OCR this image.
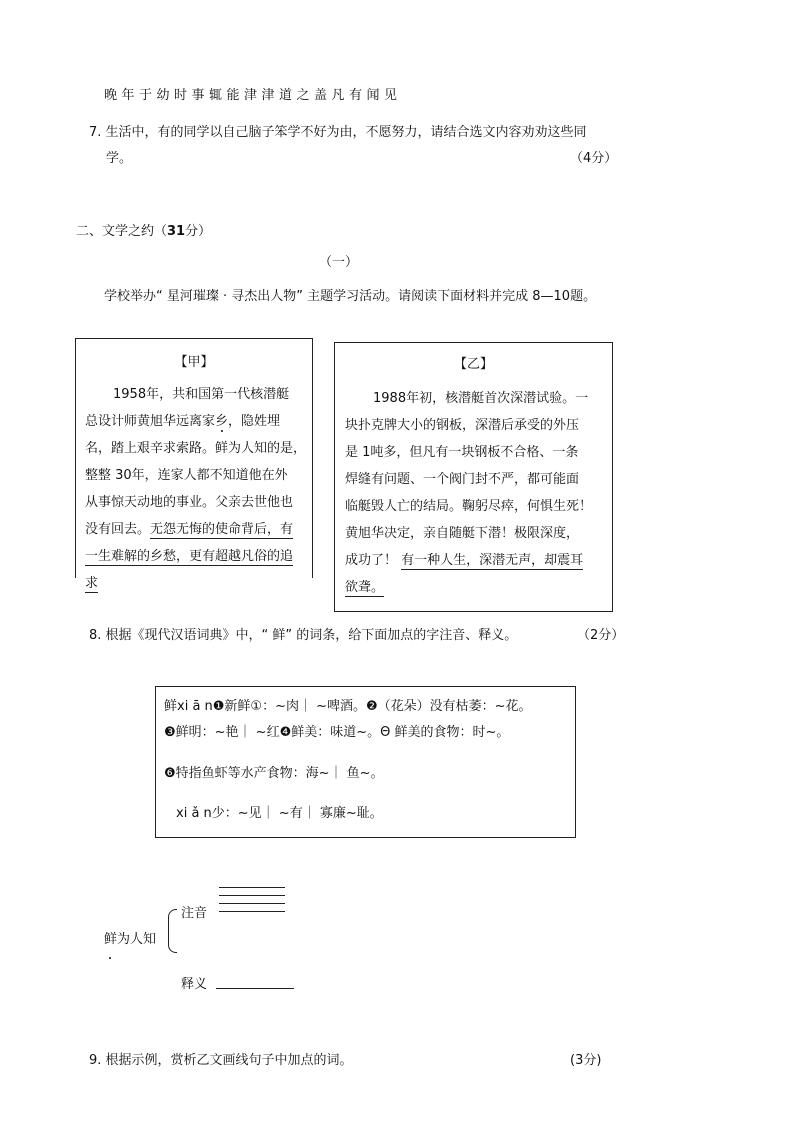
晚年于幼时事辄能津津道之盖凡有闻见
7. 生活中，有的同学以自己脑子笨学不好为由，不愿努力，请结合选文内容劝劝这些同
学。	（4分）
二、文学之约（31分）
（一）
学校举办“ 星河璀璨 · 寻杰出人物” 主题学习活动。请阅读下面材料并完成 8—10题。
【甲】
1958年，共和国第一代核潜艇
总设计师黄旭华远离家乡，隐姓埋
名，踏上艰辛求索路。鲜为人知的是，
整整 30年，连家人都不知道他在外
从事惊天动地的事业。父亲去世他也
没有回去。无怨无悔的使命背后，有
一生难解的乡愁，更有超越凡俗的追
求
【乙】
1988年初，核潜艇首次深潜试验。一
块扑克牌大小的钢板，深潜后承受的外压
是 1吨多，但凡有一块钢板不合格、一条
焊缝有问题、一个阀门封不严，都可能面
临艇毁人亡的结局。鞠躬尽瘁，何惧生死！
黄旭华决定，亲自随艇下潜！极限深度，
成功了！ 有一种人生，深潜无声，却震耳
欲聋。
8. 根据《现代汉语词典》中，“ 鲜” 的词条，给下面加点的字注音、释义。	（2分）
鲜xi ā n❶新鲜①：~肉｜ ~啤酒。❷（花朵）没有枯萎：~花。
❸鲜明：~艳｜ ~红❹鲜美：味道~。Θ 鲜美的食物：时~。
❻特指鱼虾等水产食物：海~｜ 鱼~。
xi ǎ n少：~见｜ ~有｜ 寡廉~耻。
注音
鲜为人知
释义
9. 根据示例，赏析乙文画线句子中加点的词。	(3分)
